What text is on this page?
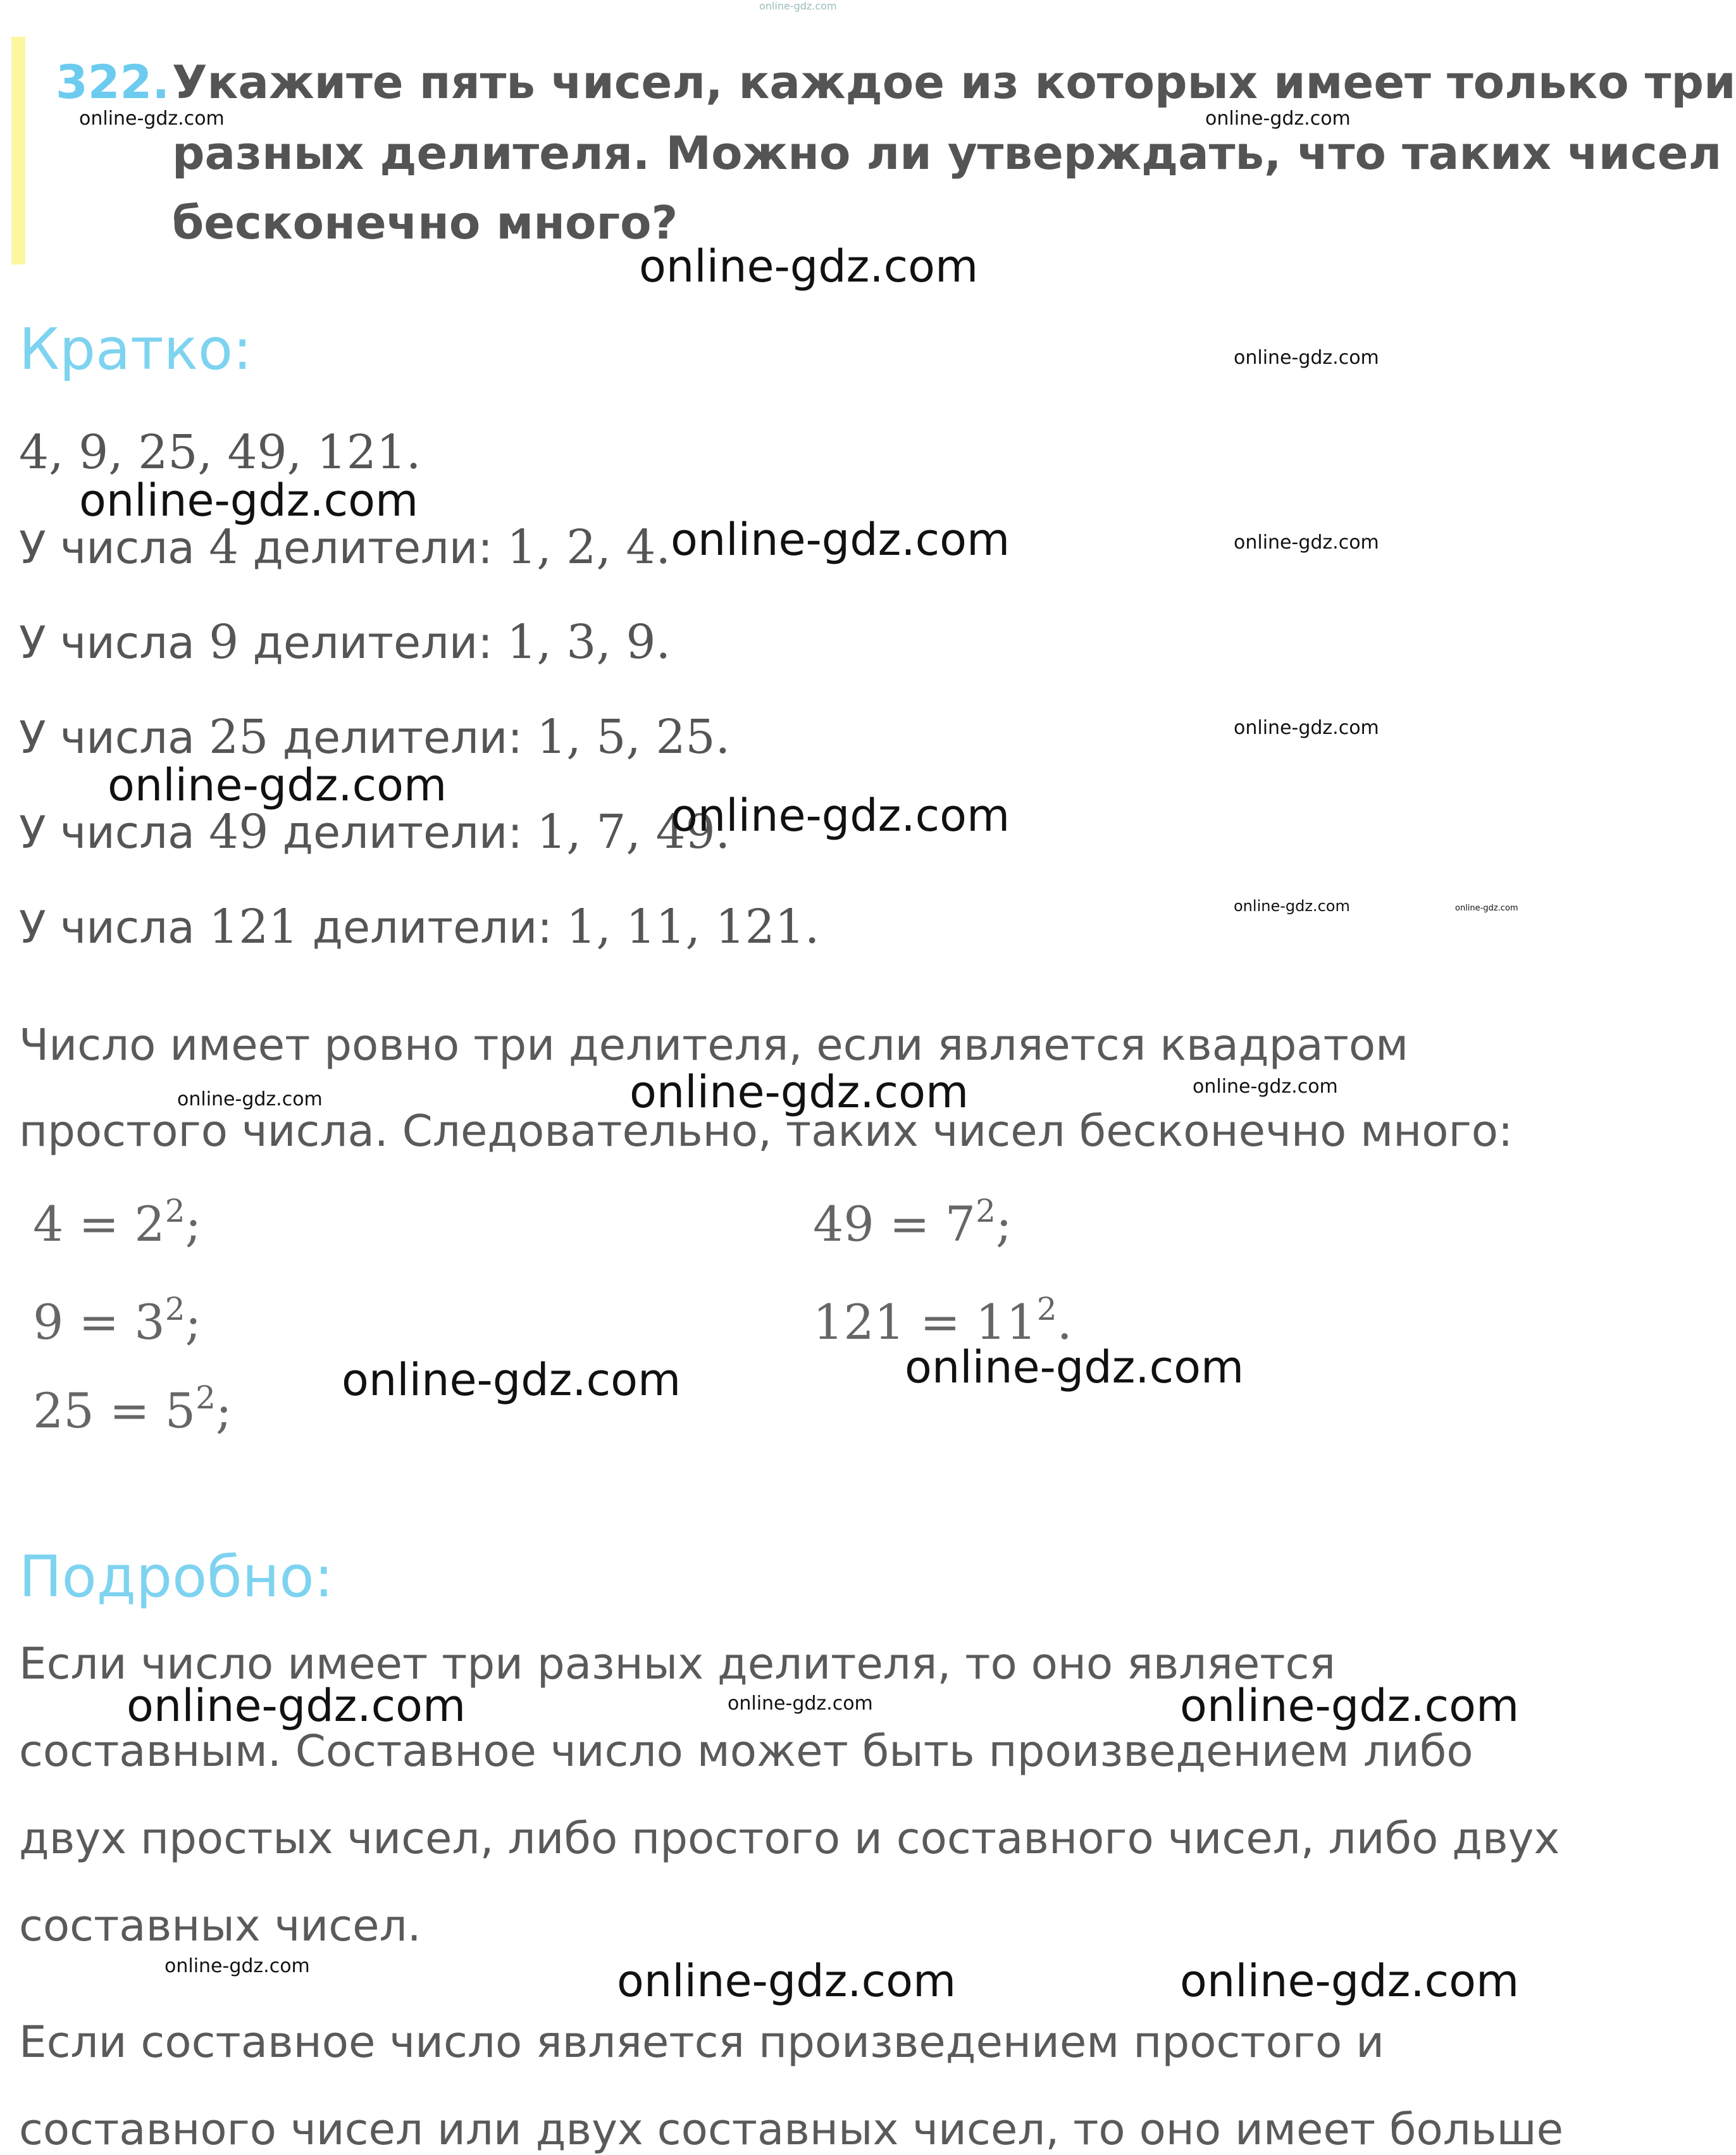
322. Укажите пять чисел, каждое из которых имеет только три
разных делителя. Можно ли утверждать, что таких чисел
бесконечно много?
Кратко:
4, 9, 25, 49, 121.
У числа 4 делители: 1, 2, 4.
У числа 9 делители: 1, 3, 9.
У числа 25 делители: 1, 5, 25.
У числа 49 делители: 1, 7, 49.
У числа 121 делители: 1, 11, 121.
Число имеет ровно три делителя, если является квадратом
простого числа. Следовательно, таких чисел бесконечно много:
$4 = 2^2$;
$9 = 3^2$;
$25 = 5^2$;
$49 = 7^2$;
$121 = 11^2$.
Подробно:
Если число имеет три разных делителя, то оно является
составным. Составное число может быть произведением либо
двух простых чисел, либо простого и составного чисел, либо двух
составных чисел.
Если составное число является произведением простого и
составного чисел или двух составных чисел, то оно имеет больше
online-gdz.com
online-gdz.com	online-gdz.com
online-gdz.com
online-gdz.com
online-gdz.com
online-gdz.com	online-gdz.com
online-gdz.com
online-gdz.com
online-gdz.com
online-gdz.com	online-gdz.com
online-gdz.com
online-gdz.com
online-gdz.com
online-gdz.com	online-gdz.com
online-gdz.com	online-gdz.com	online-gdz.com
online-gdz.com	online-gdz.com	online-gdz.com
